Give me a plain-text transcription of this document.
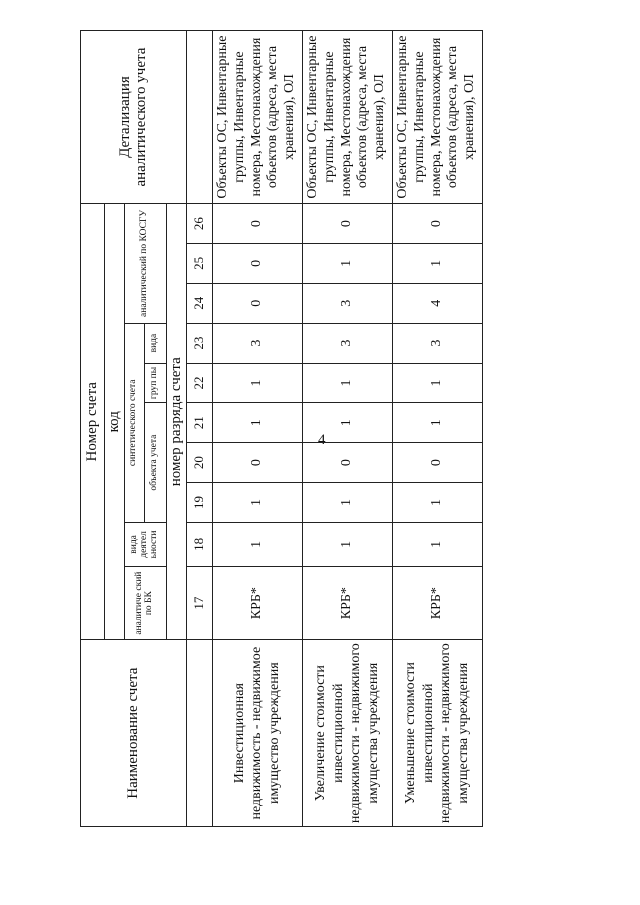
4
Наименование счета	Номер счета										Детализация аналитического учета
	код										
	аналитиче ский по БК	вида деятел ьности	синтетического счета					аналитический по КОСГУ			
			объекта учета			груп пы	вида				
	номер разряда счета										
	17	18	19	20	21	22	23	24	25	26	
Инвестиционная недвижимость - недвижимое имущество учреждения	КРБ*	1	1	0	1	1	3	0	0	0	Объекты ОС, Инвентарные группы, Инвентарные номера, Местонахождения объектов (адреса, места хранения), ОЛ
Увеличение стоимости инвестиционной недвижимости - недвижимого имущества учреждения	КРБ*	1	1	0	1	1	3	3	1	0	Объекты ОС, Инвентарные группы, Инвентарные номера, Местонахождения объектов (адреса, места хранения), ОЛ
Уменьшение стоимости инвестиционной недвижимости - недвижимого имущества учреждения	КРБ*	1	1	0	1	1	3	4	1	0	Объекты ОС, Инвентарные группы, Инвентарные номера, Местонахождения объектов (адреса, места хранения), ОЛ
